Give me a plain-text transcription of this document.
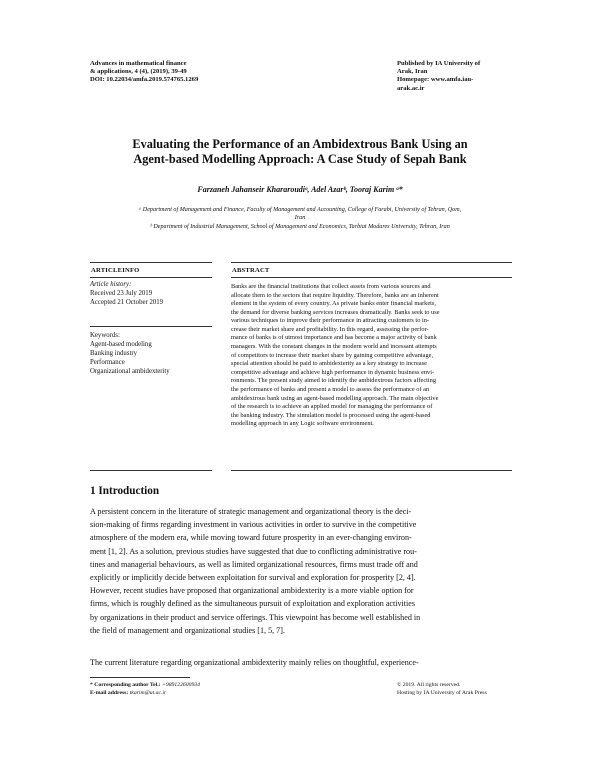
Advances in mathematical finance
& applications, 4 (4), (2019), 39-49
DOI: 10.22034/amfa.2019.574765.1269
Published by IA University of
Arak, Iran
Homepage: www.amfa.iau-
arak.ac.ir
Evaluating the Performance of an Ambidextrous Bank Using an
Agent-based Modelling Approach: A Case Study of Sepah Bank
Farzaneh Jahanseir Khararoudiᵃ, Adel Azarᵇ, Tooraj Karim ᵃ*
ᵃ Department of Management and Finance, Faculty of Management and Accounting, College of Farabi, University of Tehran, Qom,
Iran
ᵇ Department of Industrial Management, School of Management and Economics, Tarbiat Modares University, Tehran, Iran
ARTICLEINFO	ABSTRACT
Article history:
Received 23 July 2019
Accepted 21 October 2019
Keywords:
Agent-based modeling
Banking industry
Performance
Organizational ambidexterity
Banks are the financial institutions that collect assets from various sources and
allocate them to the sectors that require liquidity. Therefore, banks are an inherent
element in the system of every country. As private banks enter financial markets,
the demand for diverse banking services increases dramatically. Banks seek to use
various techniques to improve their performance in attracting customers to in-
crease their market share and profitability. In this regard, assessing the perfor-
mance of banks is of utmost importance and has become a major activity of bank
managers. With the constant changes in the modern world and incessant attempts
of competitors to increase their market share by gaining competitive advantage,
special attention should be paid to ambidexterity as a key strategy to increase
competitive advantage and achieve high performance in dynamic business envi-
ronments. The present study aimed to identify the ambidextrous factors affecting
the performance of banks and present a model to assess the performance of an
ambidextrous bank using an agent-based modelling approach. The main objective
of the research is to achieve an applied model for managing the performance of
the banking industry. The simulation model is processed using the agent-based
modelling approach in any Logic software environment.
1 Introduction
A persistent concern in the literature of strategic management and organizational theory is the deci-
sion-making of firms regarding investment in various activities in order to survive in the competitive
atmosphere of the modern era, while moving toward future prosperity in an ever-changing environ-
ment [1, 2]. As a solution, previous studies have suggested that due to conflicting administrative rou-
tines and managerial behaviours, as well as limited organizational resources, firms must trade off and
explicitly or implicitly decide between exploitation for survival and exploration for prosperity [2, 4].
However, recent studies have proposed that organizational ambidexterity is a more viable option for
firms, which is roughly defined as the simultaneous pursuit of exploitation and exploration activities
by organizations in their product and service offerings. This viewpoint has become well established in
the field of management and organizational studies [1, 5, 7].
The current literature regarding organizational ambidexterity mainly relies on thoughtful, experience-
* Corresponding author Tel.: +989122600934
E-mail address: tkarim@ut.ac.ir
© 2019. All rights reserved.
Hosting by IA University of Arak Press
